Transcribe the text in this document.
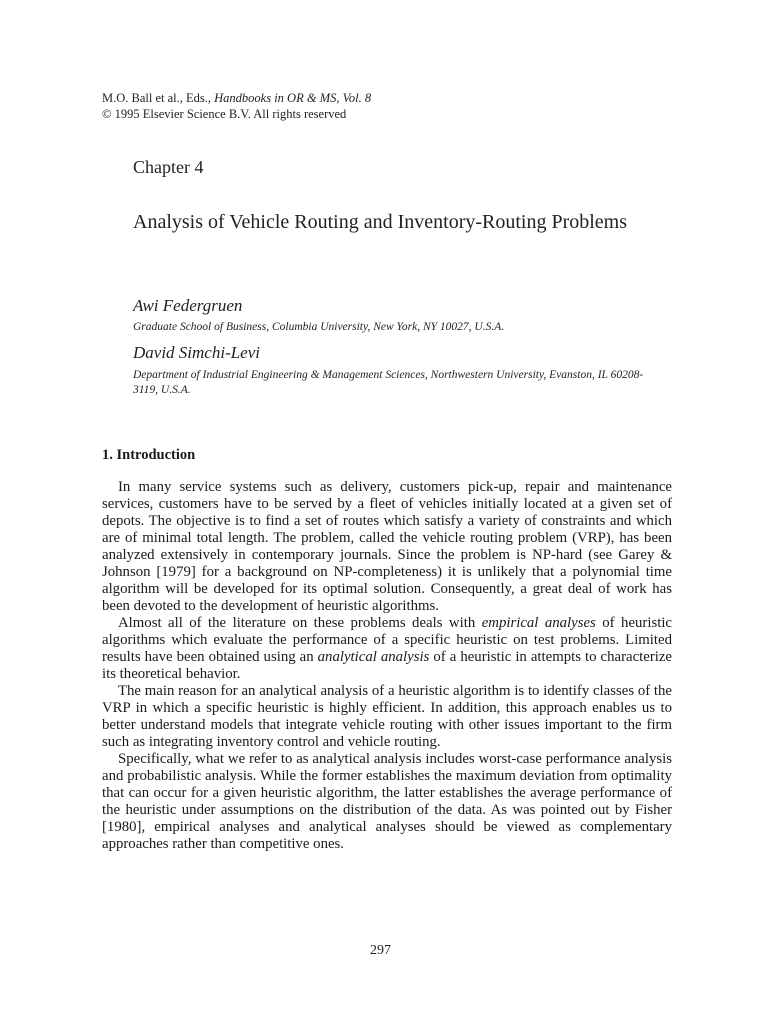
M.O. Ball et al., Eds., Handbooks in OR & MS, Vol. 8
© 1995 Elsevier Science B.V. All rights reserved
Chapter 4
Analysis of Vehicle Routing and Inventory-Routing Problems
Awi Federgruen
Graduate School of Business, Columbia University, New York, NY 10027, U.S.A.
David Simchi-Levi
Department of Industrial Engineering & Management Sciences, Northwestern University, Evanston, IL 60208-3119, U.S.A.
1. Introduction

In many service systems such as delivery, customers pick-up, repair and maintenance services, customers have to be served by a fleet of vehicles initially located at a given set of depots. The objective is to find a set of routes which satisfy a variety of constraints and which are of minimal total length. The problem, called the vehicle routing problem (VRP), has been analyzed extensively in contemporary journals. Since the problem is NP-hard (see Garey & Johnson [1979] for a background on NP-completeness) it is unlikely that a polynomial time algorithm will be developed for its optimal solution. Consequently, a great deal of work has been devoted to the development of heuristic algorithms.

Almost all of the literature on these problems deals with empirical analyses of heuristic algorithms which evaluate the performance of a specific heuristic on test problems. Limited results have been obtained using an analytical analysis of a heuristic in attempts to characterize its theoretical behavior.

The main reason for an analytical analysis of a heuristic algorithm is to identify classes of the VRP in which a specific heuristic is highly efficient. In addition, this approach enables us to better understand models that integrate vehicle routing with other issues important to the firm such as integrating inventory control and vehicle routing.

Specifically, what we refer to as analytical analysis includes worst-case performance analysis and probabilistic analysis. While the former establishes the maximum deviation from optimality that can occur for a given heuristic algorithm, the latter establishes the average performance of the heuristic under assumptions on the distribution of the data. As was pointed out by Fisher [1980], empirical analyses and analytical analyses should be viewed as complementary approaches rather than competitive ones.

297
